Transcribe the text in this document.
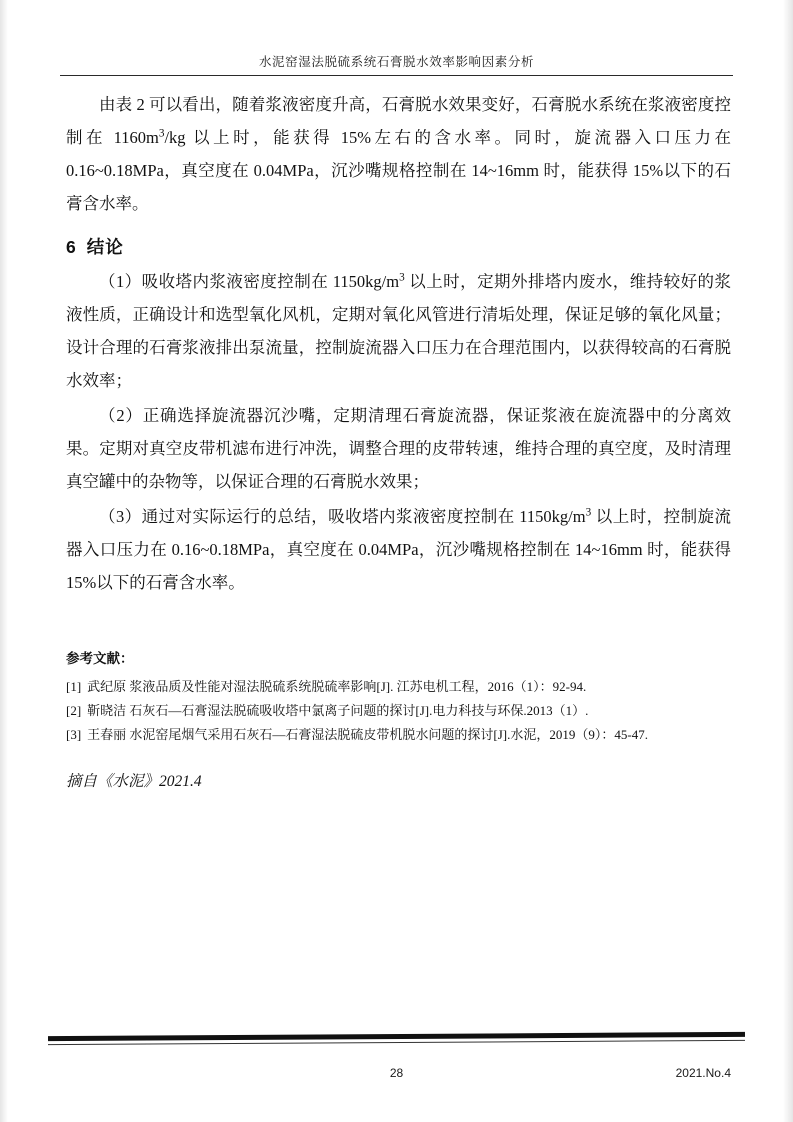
水泥窑湿法脱硫系统石膏脱水效率影响因素分析

由表 2 可以看出，随着浆液密度升高，石膏脱水效果变好，石膏脱水系统在浆液密度控制在 $1160m^3/kg$ 以上时，能获得 15%左右的含水率。同时，旋流器入口压力在 0.16~0.18MPa，真空度在 0.04MPa，沉沙嘴规格控制在 14~16mm 时，能获得 15%以下的石膏含水率。

6 结论

（1）吸收塔内浆液密度控制在 $1150kg/m^3$ 以上时，定期外排塔内废水，维持较好的浆液性质，正确设计和选型氧化风机，定期对氧化风管进行清垢处理，保证足够的氧化风量；设计合理的石膏浆液排出泵流量，控制旋流器入口压力在合理范围内，以获得较高的石膏脱水效率；

（2）正确选择旋流器沉沙嘴，定期清理石膏旋流器，保证浆液在旋流器中的分离效果。定期对真空皮带机滤布进行冲洗，调整合理的皮带转速，维持合理的真空度，及时清理真空罐中的杂物等，以保证合理的石膏脱水效果；

（3）通过对实际运行的总结，吸收塔内浆液密度控制在 $1150kg/m^3$ 以上时，控制旋流器入口压力在 0.16~0.18MPa，真空度在 0.04MPa，沉沙嘴规格控制在 14~16mm 时，能获得 15%以下的石膏含水率。

参考文献：

[1] 武纪原 浆液品质及性能对湿法脱硫系统脱硫率影响[J]. 江苏电机工程，2016（1）：92-94.

[2] 靳晓洁 石灰石—石膏湿法脱硫吸收塔中氯离子问题的探讨[J].电力科技与环保.2013（1）.

[3] 王春丽 水泥窑尾烟气采用石灰石—石膏湿法脱硫皮带机脱水问题的探讨[J].水泥，2019（9）：45-47.

摘自《水泥》2021.4
28	2021.No.4
